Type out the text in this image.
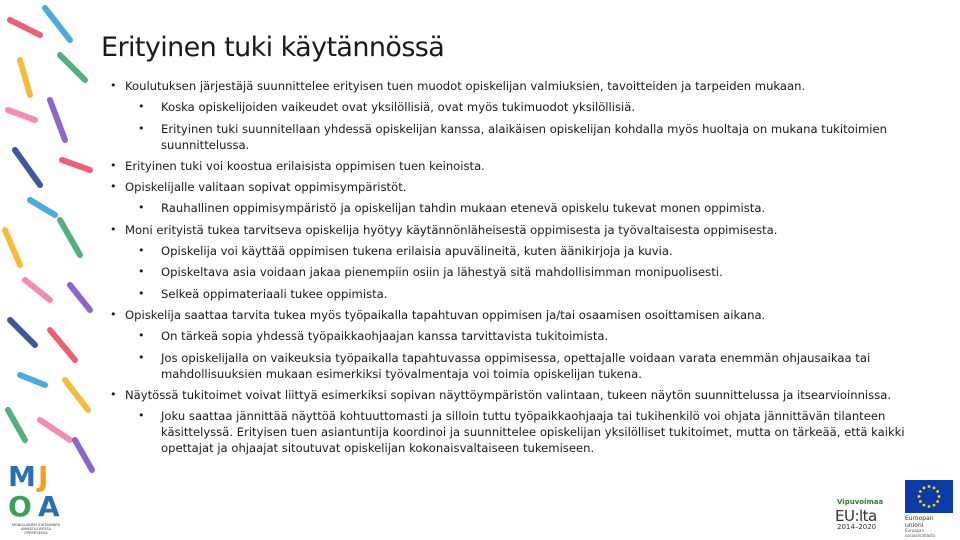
Erityinen tuki käytännössä
• Koulutuksen järjestäjä suunnittelee erityisen tuen muodot opiskelijan valmiuksien, tavoitteiden ja tarpeiden mukaan.
• Koska opiskelijoiden vaikeudet ovat yksilöllisiä, ovat myös tukimuodot yksilöllisiä.
• Erityinen tuki suunnitellaan yhdessä opiskelijan kanssa, alaikäisen opiskelijan kohdalla myös huoltaja on mukana tukitoimien suunnittelussa.
• Erityinen tuki voi koostua erilaisista oppimisen tuen keinoista.
• Opiskelijalle valitaan sopivat oppimisympäristöt.
• Rauhallinen oppimisympäristö ja opiskelijan tahdin mukaan etenevä opiskelu tukevat monen oppimista.
• Moni erityistä tukea tarvitseva opiskelija hyötyy käytännönläheisestä oppimisesta ja työvaltaisesta oppimisesta.
• Opiskelija voi käyttää oppimisen tukena erilaisia apuvälineitä, kuten äänikirjoja ja kuvia.
• Opiskeltava asia voidaan jakaa pienempiin osiin ja lähestyä sitä mahdollisimman monipuolisesti.
• Selkeä oppimateriaali tukee oppimista.
• Opiskelija saattaa tarvita tukea myös työpaikalla tapahtuvan oppimisen ja/tai osaamisen osoittamisen aikana.
• On tärkeä sopia yhdessä työpaikkaohjaajan kanssa tarvittavista tukitoimista.
• Jos opiskelijalla on vaikeuksia työpaikalla tapahtuvassa oppimisessa, opettajalle voidaan varata enemmän ohjausaikaa tai mahdollisuuksien mukaan esimerkiksi työvalmentaja voi toimia opiskelijan tukena.
• Näytössä tukitoimet voivat liittyä esimerkiksi sopivan näyttöympäristön valintaan, tukeen näytön suunnittelussa ja itsearvioinnissa.
• Joku saattaa jännittää näyttöä kohtuuttomasti ja silloin tuttu työpaikkaohjaaja tai tukihenkilö voi ohjata jännittävän tilanteen käsittelyssä. Erityisen tuen asiantuntija koordinoi ja suunnittelee opiskelijan yksilölliset tukitoimet, mutta on tärkeää, että kaikki opettajat ja ohjaajat sitoutuvat opiskelijan kokonaisvaltaiseen tukemiseen.
M J
O A
MONIALAINEN JOHTAMINEN AMMATILLISESSA OPPIMISESSA
Vipuvoimaa
EU:lta
2014–2020
Euroopan unioni
Euroopan sosiaalirahasto
